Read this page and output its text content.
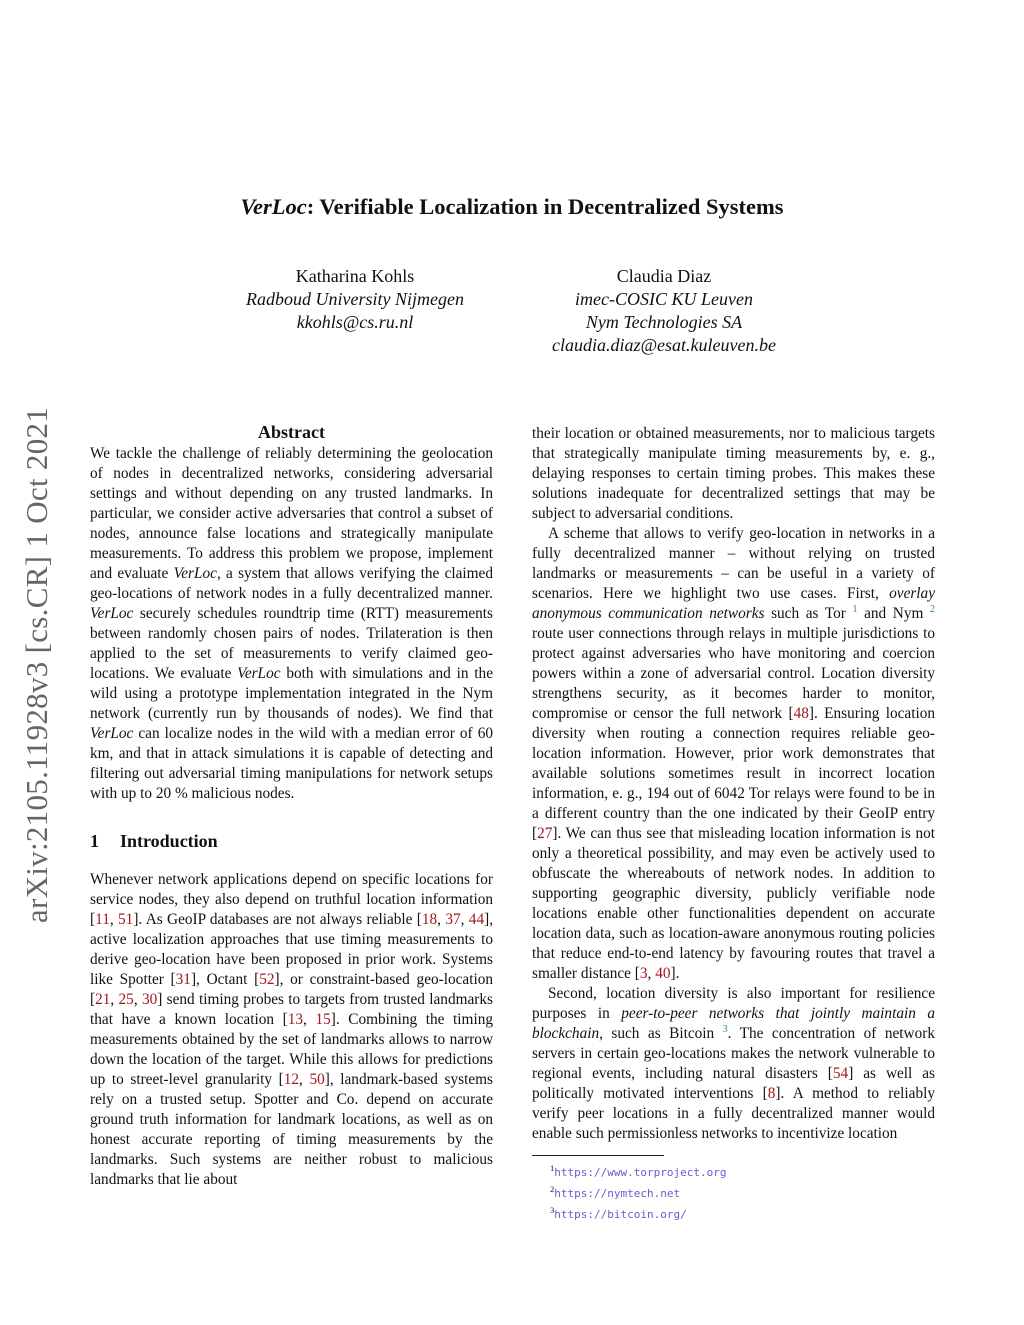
arXiv:2105.11928v3 [cs.CR] 1 Oct 2021
VerLoc: Verifiable Localization in Decentralized Systems
Katharina Kohls
Radboud University Nijmegen
kkohls@cs.ru.nl
Claudia Diaz
imec-COSIC KU Leuven
Nym Technologies SA
claudia.diaz@esat.kuleuven.be
Abstract

We tackle the challenge of reliably determining the geolocation of nodes in decentralized networks, considering adversarial settings and without depending on any trusted landmarks. In particular, we consider active adversaries that control a subset of nodes, announce false locations and strategically manipulate measurements. To address this problem we propose, implement and evaluate VerLoc, a system that allows verifying the claimed geo-locations of network nodes in a fully decentralized manner. VerLoc securely schedules roundtrip time (RTT) measurements between randomly chosen pairs of nodes. Trilateration is then applied to the set of measurements to verify claimed geo-locations. We evaluate VerLoc both with simulations and in the wild using a prototype implementation integrated in the Nym network (currently run by thousands of nodes). We find that VerLoc can localize nodes in the wild with a median error of 60 km, and that in attack simulations it is capable of detecting and filtering out adversarial timing manipulations for network setups with up to 20 % malicious nodes.

1 Introduction

Whenever network applications depend on specific locations for service nodes, they also depend on truthful location information [11, 51]. As GeoIP databases are not always reliable [18, 37, 44], active localization approaches that use timing measurements to derive geo-location have been proposed in prior work. Systems like Spotter [31], Octant [52], or constraint-based geo-location [21, 25, 30] send timing probes to targets from trusted landmarks that have a known location [13, 15]. Combining the timing measurements obtained by the set of landmarks allows to narrow down the location of the target. While this allows for predictions up to street-level granularity [12, 50], landmark-based systems rely on a trusted setup. Spotter and Co. depend on accurate ground truth information for landmark locations, as well as on honest accurate reporting of timing measurements by the landmarks. Such systems are neither robust to malicious landmarks that lie about

their location or obtained measurements, nor to malicious targets that strategically manipulate timing measurements by, e. g., delaying responses to certain timing probes. This makes these solutions inadequate for decentralized settings that may be subject to adversarial conditions.

A scheme that allows to verify geo-location in networks in a fully decentralized manner – without relying on trusted landmarks or measurements – can be useful in a variety of scenarios. Here we highlight two use cases. First, overlay anonymous communication networks such as Tor $^1$ and Nym $^2$ route user connections through relays in multiple jurisdictions to protect against adversaries who have monitoring and coercion powers within a zone of adversarial control. Location diversity strengthens security, as it becomes harder to monitor, compromise or censor the full network [48]. Ensuring location diversity when routing a connection requires reliable geo-location information. However, prior work demonstrates that available solutions sometimes result in incorrect location information, e. g., 194 out of 6042 Tor relays were found to be in a different country than the one indicated by their GeoIP entry [27]. We can thus see that misleading location information is not only a theoretical possibility, and may even be actively used to obfuscate the whereabouts of network nodes. In addition to supporting geographic diversity, publicly verifiable node locations enable other functionalities dependent on accurate location data, such as location-aware anonymous routing policies that reduce end-to-end latency by favouring routes that travel a smaller distance [3, 40].

Second, location diversity is also important for resilience purposes in peer-to-peer networks that jointly maintain a blockchain, such as Bitcoin $^3$. The concentration of network servers in certain geo-locations makes the network vulnerable to regional events, including natural disasters [54] as well as politically motivated interventions [8]. A method to reliably verify peer locations in a fully decentralized manner would enable such permissionless networks to incentivize location

$^1$https://www.torproject.org
$^2$https://nymtech.net
$^3$https://bitcoin.org/
